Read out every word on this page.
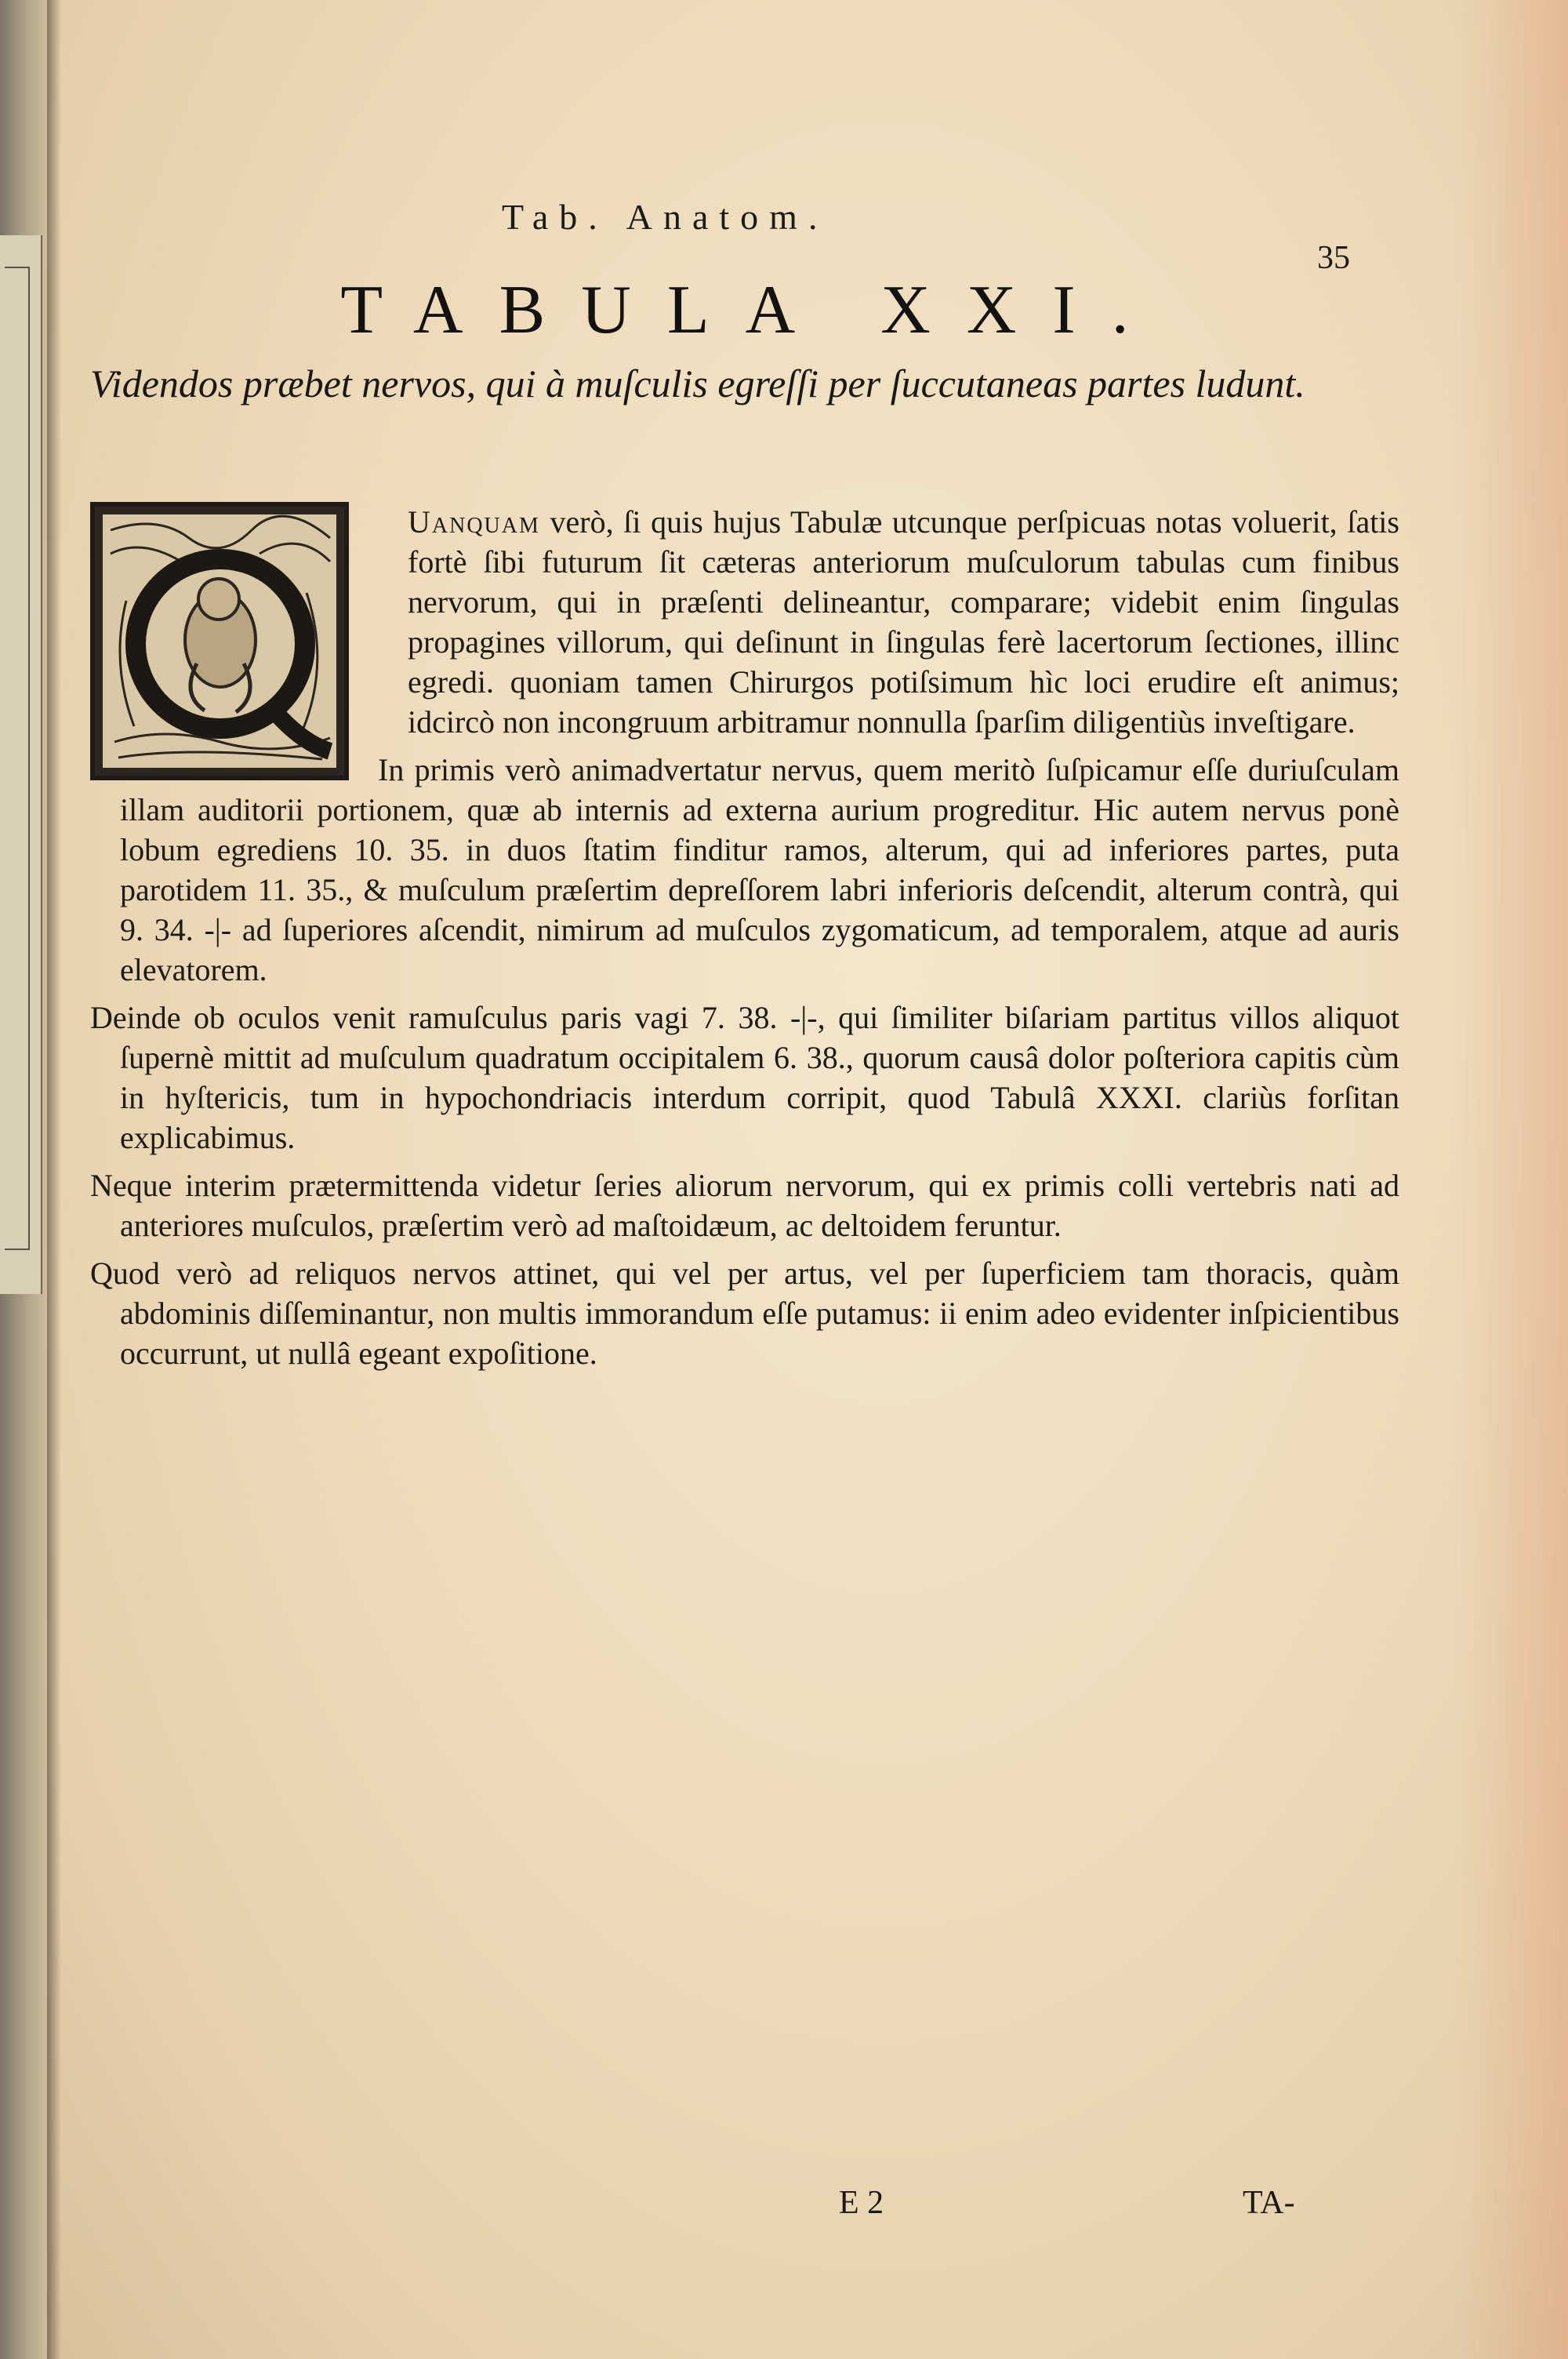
Tab. Anatom.
35
TABULA XXI.
Videndos præbet nervos, qui à muſculis egreſſi per ſuccutaneas partes ludunt.

Uanquam verò, ſi quis hujus Tabulæ utcunque perſpicuas notas voluerit, ſatis fortè ſibi futurum ſit cæteras anteriorum muſculorum tabulas cum finibus nervorum, qui in præſenti delineantur, comparare; videbit enim ſingulas propagines villorum, qui deſinunt in ſingulas ferè lacertorum ſectiones, illinc egredi. quoniam tamen Chirurgos potiſsimum hìc loci erudire eſt animus; idcircò non incongruum arbitramur nonnulla ſparſim diligentiùs inveſtigare.

In primis verò animadvertatur nervus, quem meritò ſuſpicamur eſſe duriuſculam illam auditorii portionem, quæ ab internis ad externa aurium progreditur. Hic autem nervus ponè lobum egrediens 10. 35. in duos ſtatim finditur ramos, alterum, qui ad inferiores partes, puta parotidem 11. 35., & muſculum præſertim depreſſorem labri inferioris deſcendit, alterum contrà, qui 9. 34. -|- ad ſuperiores aſcendit, nimirum ad muſculos zygomaticum, ad temporalem, atque ad auris elevatorem.

Deinde ob oculos venit ramuſculus paris vagi 7. 38. -|-, qui ſimiliter biſariam partitus villos aliquot ſupernè mittit ad muſculum quadratum occipitalem 6. 38., quorum causâ dolor poſteriora capitis cùm in hyſtericis, tum in hypochondriacis interdum corripit, quod Tabulâ XXXI. clariùs forſitan explicabimus.

Neque interim prætermittenda videtur ſeries aliorum nervorum, qui ex primis colli vertebris nati ad anteriores muſculos, præſertim verò ad maſtoidæum, ac deltoidem feruntur.

Quod verò ad reliquos nervos attinet, qui vel per artus, vel per ſuperficiem tam thoracis, quàm abdominis diſſeminantur, non multis immorandum eſſe putamus: ii enim adeo evidenter inſpicientibus occurrunt, ut nullâ egeant expoſitione.

E 2	TA-
